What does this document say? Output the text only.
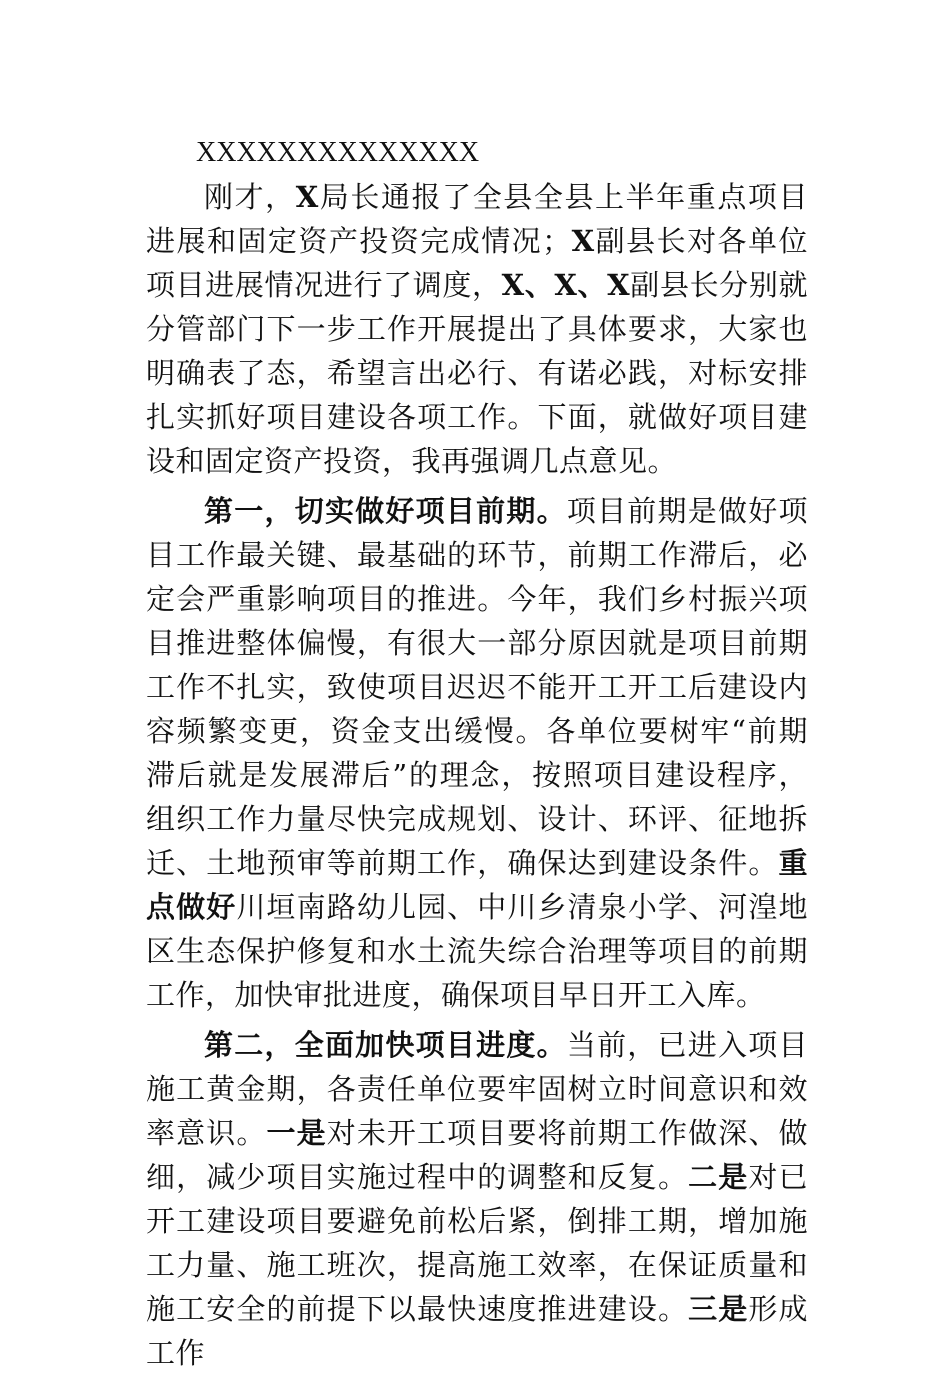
XXXXXXXXXXXXXX

刚才，X局长通报了全县全县上半年重点项目进展和固定资产投资完成情况；X副县长对各单位项目进展情况进行了调度，X、X、X副县长分别就分管部门下一步工作开展提出了具体要求，大家也明确表了态，希望言出必行、有诺必践，对标安排扎实抓好项目建设各项工作。下面，就做好项目建设和固定资产投资，我再强调几点意见。

第一，切实做好项目前期。项目前期是做好项目工作最关键、最基础的环节，前期工作滞后，必定会严重影响项目的推进。今年，我们乡村振兴项目推进整体偏慢，有很大一部分原因就是项目前期工作不扎实，致使项目迟迟不能开工开工后建设内容频繁变更，资金支出缓慢。各单位要树牢“前期滞后就是发展滞后”的理念，按照项目建设程序，组织工作力量尽快完成规划、设计、环评、征地拆迁、土地预审等前期工作，确保达到建设条件。重点做好川垣南路幼儿园、中川乡清泉小学、河湟地区生态保护修复和水土流失综合治理等项目的前期工作，加快审批进度，确保项目早日开工入库。

第二，全面加快项目进度。当前，已进入项目施工黄金期，各责任单位要牢固树立时间意识和效率意识。一是对未开工项目要将前期工作做深、做细，减少项目实施过程中的调整和反复。二是对已开工建设项目要避免前松后紧，倒排工期，增加施工力量、施工班次，提高施工效率，在保证质量和施工安全的前提下以最快速度推进建设。三是形成工作
